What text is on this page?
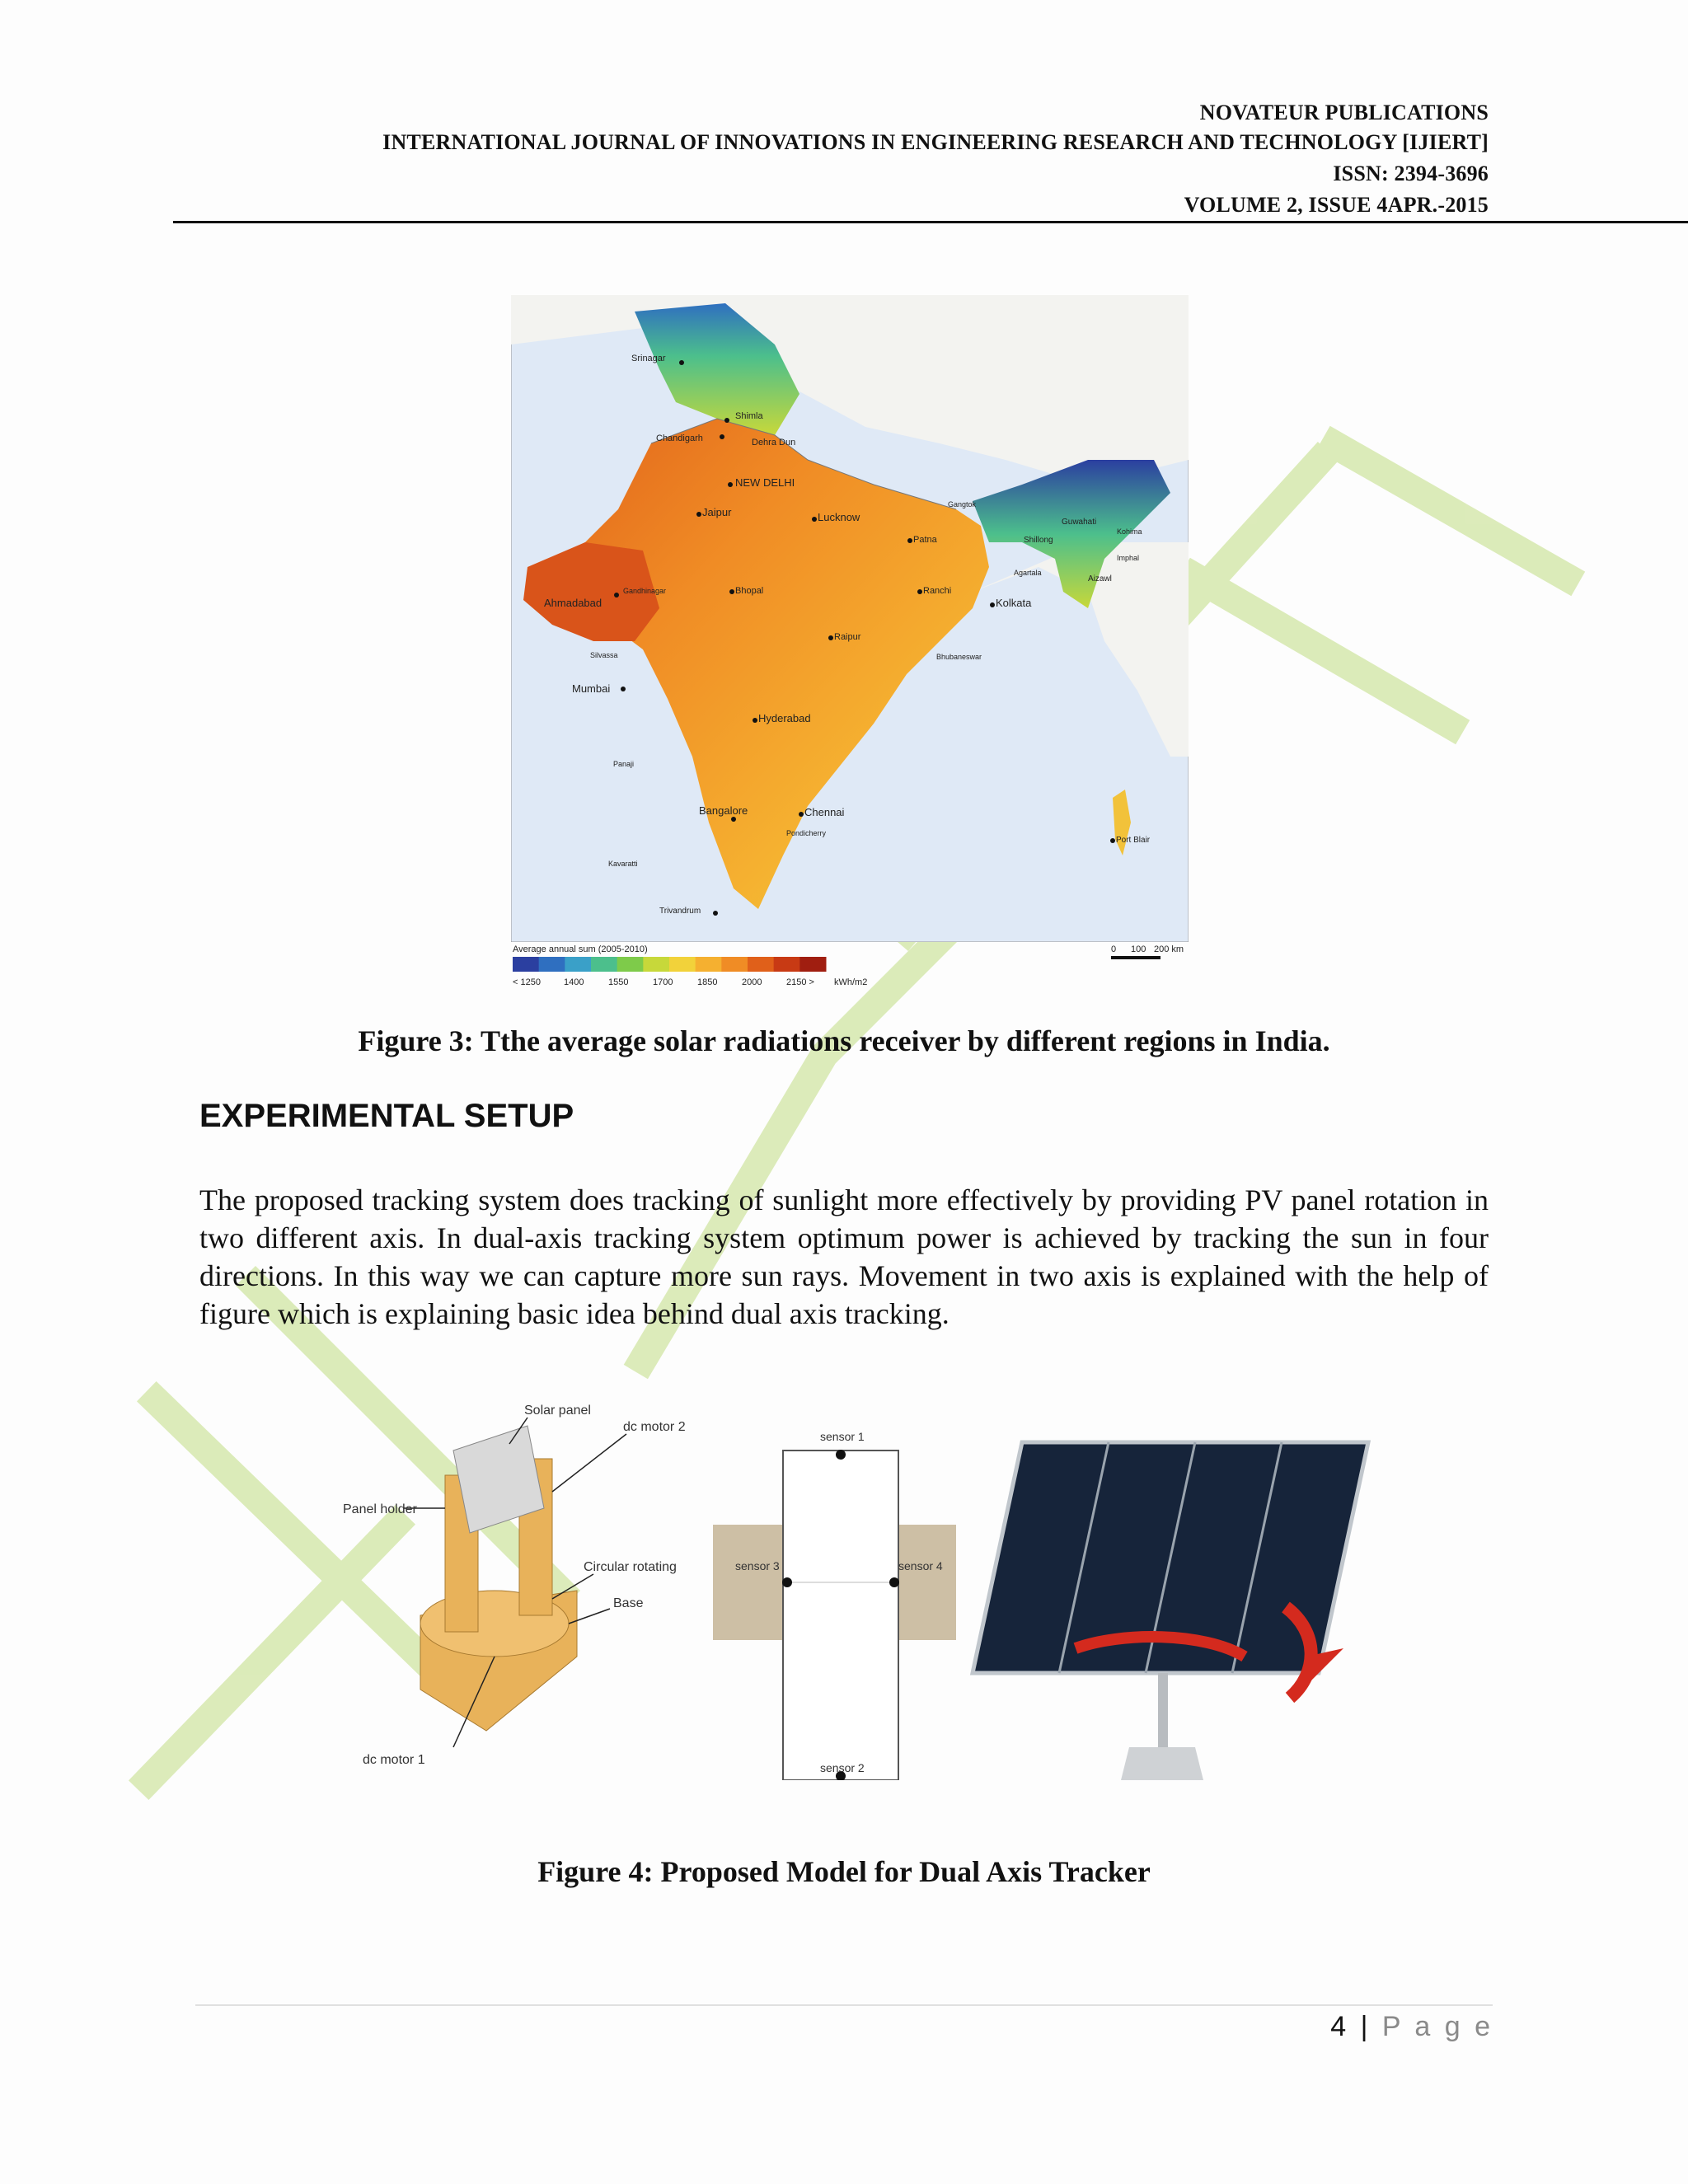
NOVATEUR PUBLICATIONS
INTERNATIONAL JOURNAL OF INNOVATIONS IN ENGINEERING RESEARCH AND TECHNOLOGY [IJIERT]
ISSN: 2394-3696
VOLUME 2, ISSUE 4APR.-2015
Srinagar
Shimla
Chandigarh	Dehra Dun
NEW DELHI
Jaipur	Lucknow
Patna
Gangtok
Guwahati
Shillong
Kohima
Imphal
Aizawl
Agartala
Kolkata
Ranchi
Gandhinagar
Ahmadabad
Bhopal
Raipur
Bhubaneswar
Silvassa
Mumbai
Hyderabad
Panaji
Bangalore	Chennai
Pondicherry
Kavaratti
Trivandrum
Port Blair
Average annual sum (2005-2010)
< 1250	1400	1550	1700	1850	2000	2150 > kWh/m2
0 100 200 km
Figure 3: Tthe average solar radiations receiver by different regions in India.
EXPERIMENTAL SETUP
The proposed tracking system does tracking of sunlight more effectively by providing PV panel rotation in two different axis. In dual-axis tracking system optimum power is achieved by tracking the sun in four directions. In this way we can capture more sun rays. Movement in two axis is explained with the help of figure which is explaining basic idea behind dual axis tracking.
Solar panel
dc motor 2
Panel holder
Circular rotating
Base
dc motor 1
sensor 1
sensor 2
sensor 3	sensor 4
Figure 4: Proposed Model for Dual Axis Tracker
4 | P a g e
